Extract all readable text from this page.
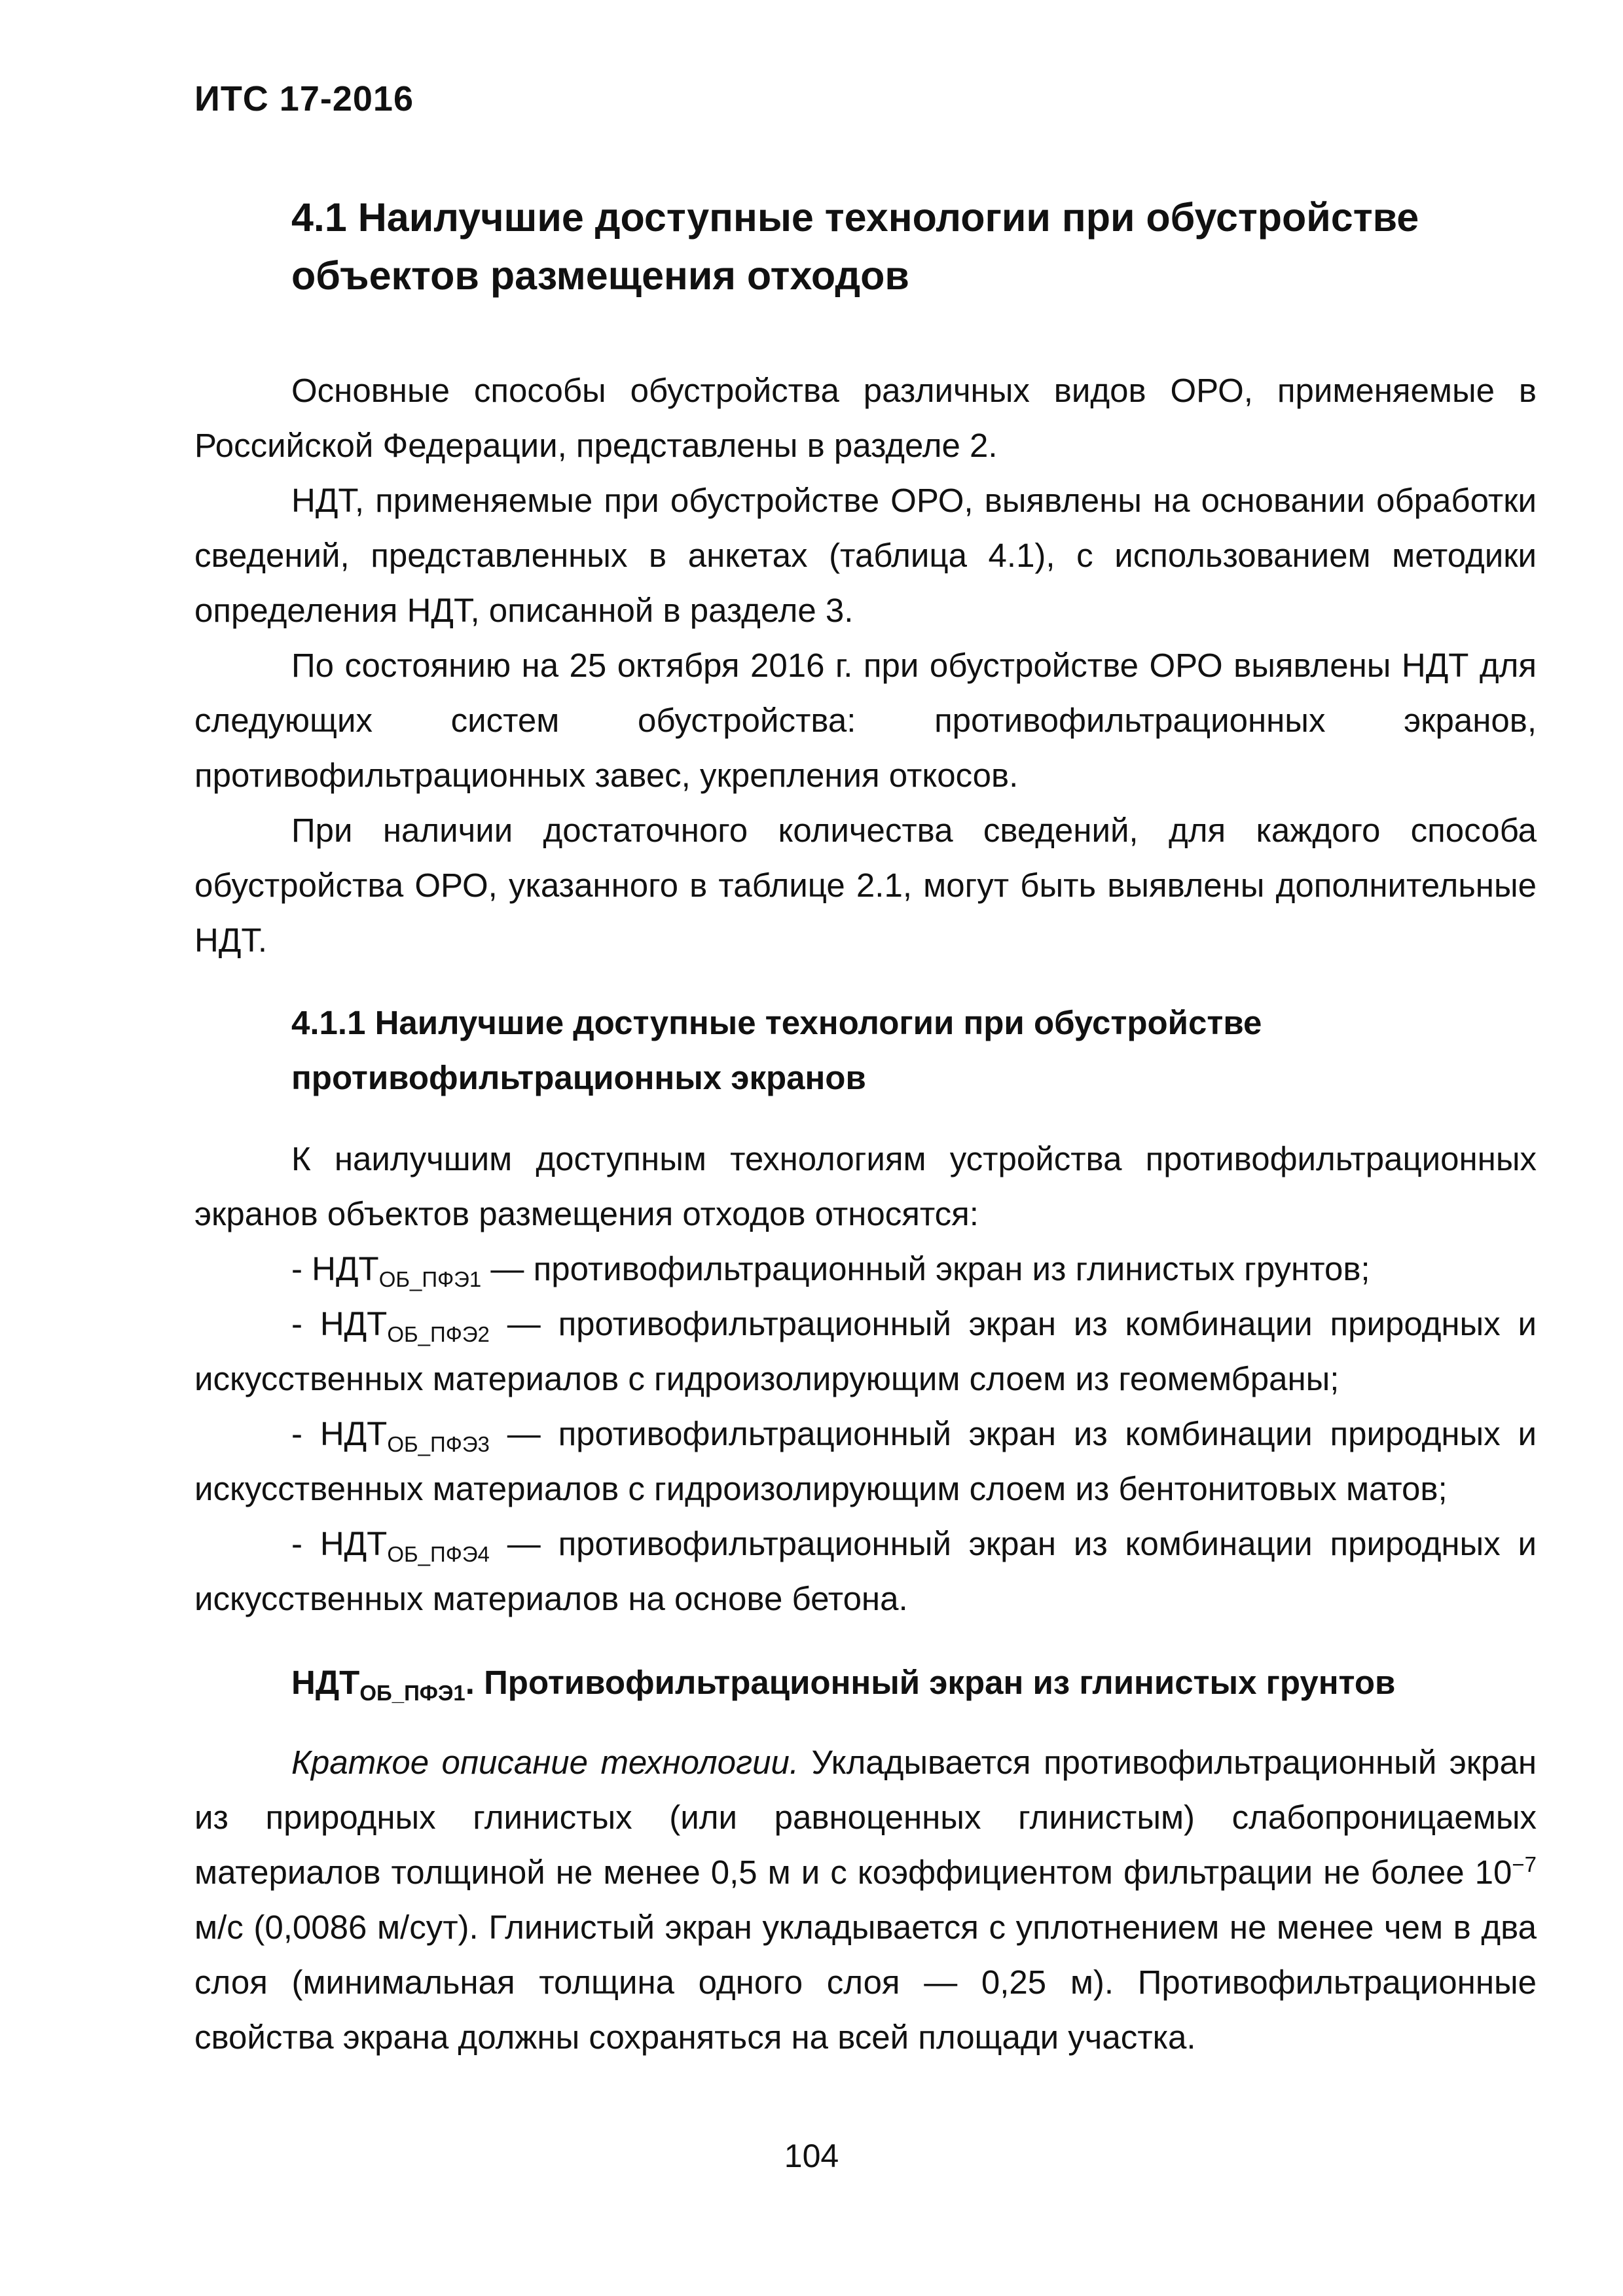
ИТС 17-2016
4.1 Наилучшие доступные технологии при обустройстве объектов размещения отходов

Основные способы обустройства различных видов ОРО, применяемые в Российской Федерации, представлены в разделе 2.

НДТ, применяемые при обустройстве ОРО, выявлены на основании обработки сведений, представленных в анкетах (таблица 4.1), с использованием методики определения НДТ, описанной в разделе 3.

По состоянию на 25 октября 2016 г. при обустройстве ОРО выявлены НДТ для следующих систем обустройства: противофильтрационных экранов, противофильтрационных завес, укрепления откосов.

При наличии достаточного количества сведений, для каждого способа обустройства ОРО, указанного в таблице 2.1, могут быть выявлены дополнительные НДТ.

4.1.1 Наилучшие доступные технологии при обустройстве противофильтрационных экранов

К наилучшим доступным технологиям устройства противофильтрационных экранов объектов размещения отходов относятся:

- $НДТ_{ОБ\_ПФЭ1}$ — противофильтрационный экран из глинистых грунтов;

- $НДТ_{ОБ\_ПФЭ2}$ — противофильтрационный экран из комбинации природных и искусственных материалов с гидроизолирующим слоем из геомембраны;

- $НДТ_{ОБ\_ПФЭ3}$ — противофильтрационный экран из комбинации природных и искусственных материалов с гидроизолирующим слоем из бентонитовых матов;

- $НДТ_{ОБ\_ПФЭ4}$ — противофильтрационный экран из комбинации природных и искусственных материалов на основе бетона.

$НДТ_{ОБ\_ПФЭ1}$. Противофильтрационный экран из глинистых грунтов

Краткое описание технологии. Укладывается противофильтрационный экран из природных глинистых (или равноценных глинистым) слабопроницаемых материалов толщиной не менее 0,5 м и с коэффициентом фильтрации не более $10^{-7}$ м/с (0,0086 м/сут). Глинистый экран укладывается с уплотнением не менее чем в два слоя (минимальная толщина одного слоя — 0,25 м). Противофильтрационные свойства экрана должны сохраняться на всей площади участка.

104
